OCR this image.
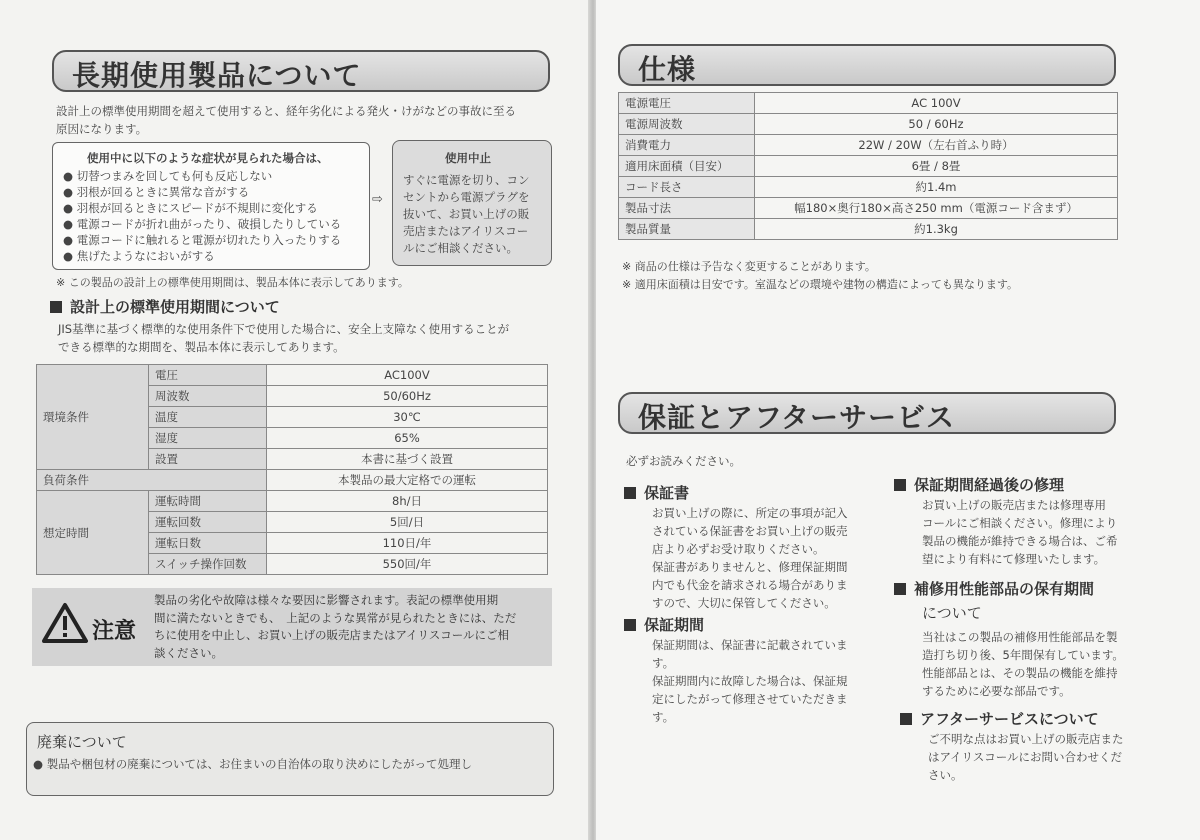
長期使用製品について
設計上の標準使用期間を超えて使用すると、経年劣化による発火・けがなどの事故に至る
原因になります。
使用中に以下のような症状が見られた場合は、
● 切替つまみを回しても何も反応しない
● 羽根が回るときに異常な音がする
● 羽根が回るときにスピードが不規則に変化する
● 電源コードが折れ曲がったり、破損したりしている
● 電源コードに触れると電源が切れたり入ったりする
● 焦げたようなにおいがする
⇨
使用中止
すぐに電源を切り、コン
セントから電源プラグを
抜いて、お買い上げの販
売店またはアイリスコー
ルにご相談ください。
※ この製品の設計上の標準使用期間は、製品本体に表示してあります。
設計上の標準使用期間について
JIS基準に基づく標準的な使用条件下で使用した場合に、安全上支障なく使用することが
できる標準的な期間を、製品本体に表示してあります。
環境条件	電圧	AC100V
	周波数	50/60Hz
	温度	30℃
	湿度	65%
	設置	本書に基づく設置
負荷条件		本製品の最大定格での運転
想定時間	運転時間	8h/日
	運転回数	5回/日
	運転日数	110日/年
	スイッチ操作回数	550回/年
注意
製品の劣化や故障は様々な要因に影響されます。表記の標準使用期
間に満たないときでも、　上記のような異常が見られたときには、ただ
ちに使用を中止し、お買い上げの販売店またはアイリスコールにご相
談ください。
廃棄について
● 製品や梱包材の廃棄については、お住まいの自治体の取り決めにしたがって処理し
仕様
電源電圧	AC 100V
電源周波数	50 / 60Hz
消費電力	22W / 20W（左右首ふり時）
適用床面積（目安）	6畳 / 8畳
コード長さ	約1.4m
製品寸法	幅180×奥行180×高さ250 mm（電源コード含まず）
製品質量	約1.3kg
※ 商品の仕様は予告なく変更することがあります。
※ 適用床面積は目安です。室温などの環境や建物の構造によっても異なります。
保証とアフターサービス
必ずお読みください。
保証書
お買い上げの際に、所定の事項が記入
されている保証書をお買い上げの販売
店より必ずお受け取りください。
保証書がありませんと、修理保証期間
内でも代金を請求される場合がありま
すので、大切に保管してください。
保証期間
保証期間は、保証書に記載されていま
す。
保証期間内に故障した場合は、保証規
定にしたがって修理させていただきま
す。
保証期間経過後の修理
お買い上げの販売店または修理専用
コールにご相談ください。修理により
製品の機能が維持できる場合は、ご希
望により有料にて修理いたします。
補修用性能部品の保有期間
について
当社はこの製品の補修用性能部品を製
造打ち切り後、5年間保有しています。
性能部品とは、その製品の機能を維持
するために必要な部品です。
アフターサービスについて
ご不明な点はお買い上げの販売店また
はアイリスコールにお問い合わせくだ
さい。
